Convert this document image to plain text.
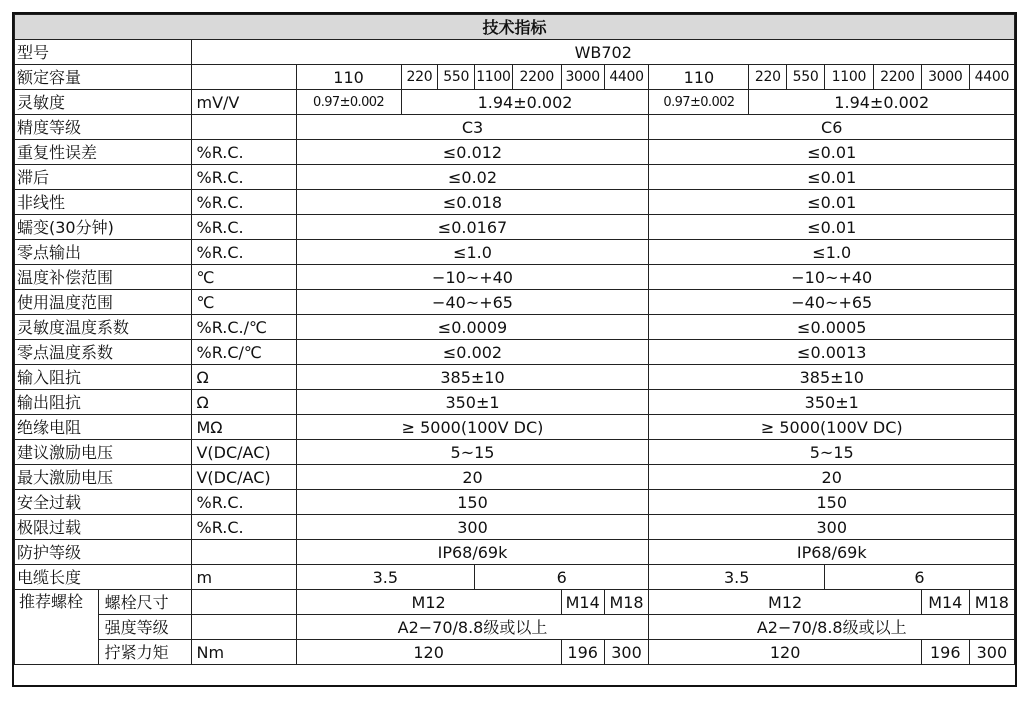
技术指标																
型号		WB702														
额定容量			110	220	550	1100	2200	3000	4400	110	220	550	1100	2200	3000	4400
灵敏度		mV/V	0.97±0.002	1.94±0.002						0.97±0.002	1.94±0.002					
精度等级			C3							C6						
重复性误差		%R.C.	≤0.012							≤0.01						
滞后		%R.C.	≤0.02							≤0.01						
非线性		%R.C.	≤0.018							≤0.01						
蠕变(30分钟)		%R.C.	≤0.0167							≤0.01						
零点输出		%R.C.	≤1.0							≤1.0						
温度补偿范围		℃	−10~+40							−10~+40						
使用温度范围		℃	−40~+65							−40~+65						
灵敏度温度系数		%R.C./℃	≤0.0009							≤0.0005						
零点温度系数		%R.C/℃	≤0.002							≤0.0013						
输入阻抗		Ω	385±10							385±10						
输出阻抗		Ω	350±1							350±1						
绝缘电阻		MΩ	≥ 5000(100V DC)							≥ 5000(100V DC)						
建议激励电压		V(DC/AC)	5~15							5~15						
最大激励电压		V(DC/AC)	20							20						
安全过载		%R.C.	150							150						
极限过载		%R.C.	300							300						
防护等级			IP68/69k							IP68/69k						
电缆长度		m	3.5			6				3.5			6			
推荐螺栓	螺栓尺寸		M12					M14	M18	M12					M14	M18
	强度等级		A2−70/8.8级或以上							A2−70/8.8级或以上						
	拧紧力矩	Nm	120					196	300	120					196	300
